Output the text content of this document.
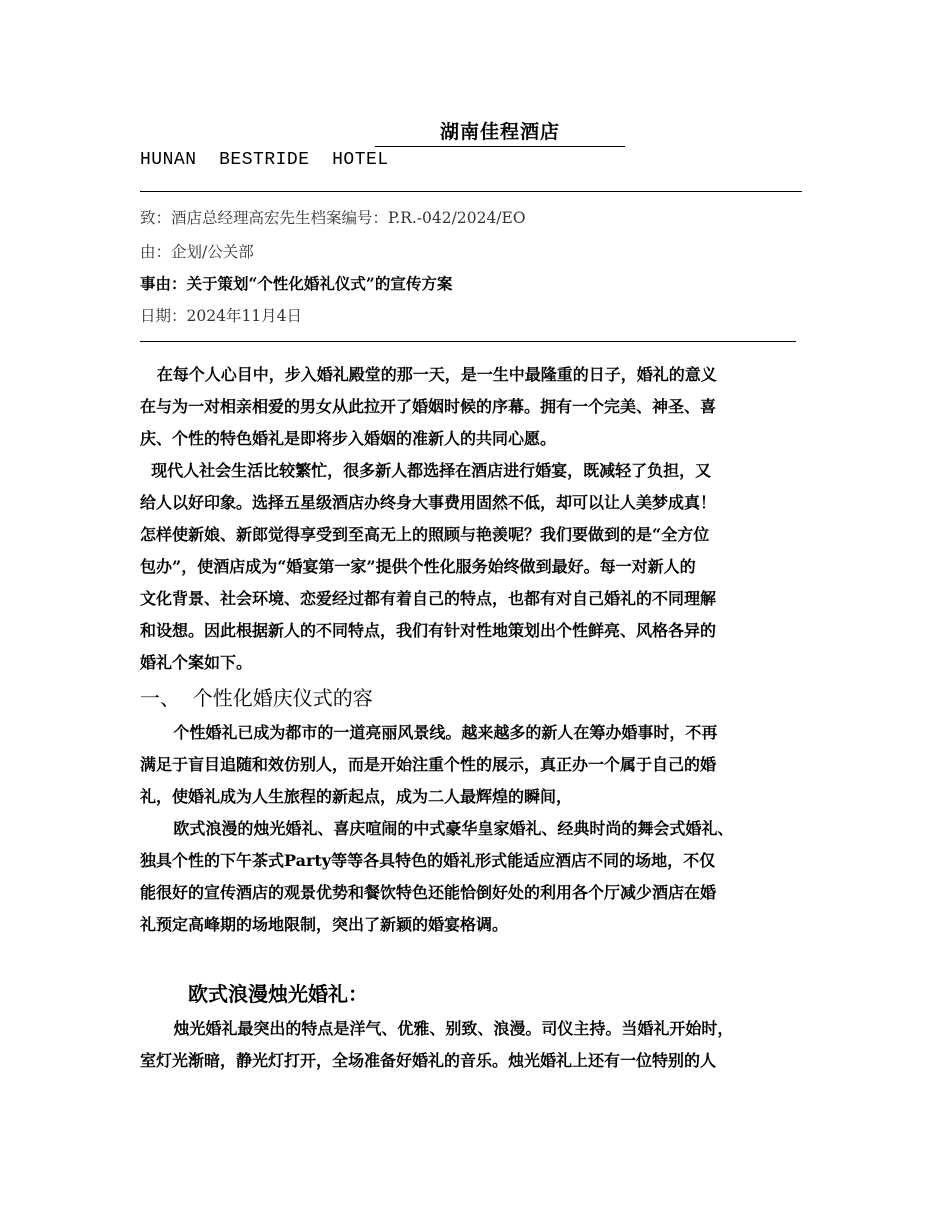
湖南佳程酒店
HUNAN  BESTRIDE  HOTEL
致：酒店总经理高宏先生档案编号：P.R.-042/2024/EO
由：企划/公关部
事由：关于策划“个性化婚礼仪式”的宣传方案
日期：2024年11月4日

在每个人心目中，步入婚礼殿堂的那一天，是一生中最隆重的日子，婚礼的意义

在与为一对相亲相爱的男女从此拉开了婚姻时候的序幕。拥有一个完美、神圣、喜

庆、个性的特色婚礼是即将步入婚姻的准新人的共同心愿。

现代人社会生活比较繁忙，很多新人都选择在酒店进行婚宴，既减轻了负担，又

给人以好印象。选择五星级酒店办终身大事费用固然不低，却可以让人美梦成真！

怎样使新娘、新郎觉得享受到至高无上的照顾与艳羡呢？我们要做到的是“全方位

包办”，使酒店成为“婚宴第一家”提供个性化服务始终做到最好。每一对新人的

文化背景、社会环境、恋爱经过都有着自己的特点，也都有对自己婚礼的不同理解

和设想。因此根据新人的不同特点，我们有针对性地策划出个性鲜亮、风格各异的

婚礼个案如下。

一、  个性化婚庆仪式的容

个性婚礼已成为都市的一道亮丽风景线。越来越多的新人在筹办婚事时，不再

满足于盲目追随和效仿别人，而是开始注重个性的展示，真正办一个属于自己的婚

礼，使婚礼成为人生旅程的新起点，成为二人最辉煌的瞬间，

欧式浪漫的烛光婚礼、喜庆喧闹的中式豪华皇家婚礼、经典时尚的舞会式婚礼、

独具个性的下午茶式Party等等各具特色的婚礼形式能适应酒店不同的场地，不仅

能很好的宣传酒店的观景优势和餐饮特色还能恰倒好处的利用各个厅减少酒店在婚

礼预定高峰期的场地限制，突出了新颖的婚宴格调。

欧式浪漫烛光婚礼：

烛光婚礼最突出的特点是洋气、优雅、别致、浪漫。司仪主持。当婚礼开始时，

室灯光渐暗，静光灯打开，全场准备好婚礼的音乐。烛光婚礼上还有一位特别的人
